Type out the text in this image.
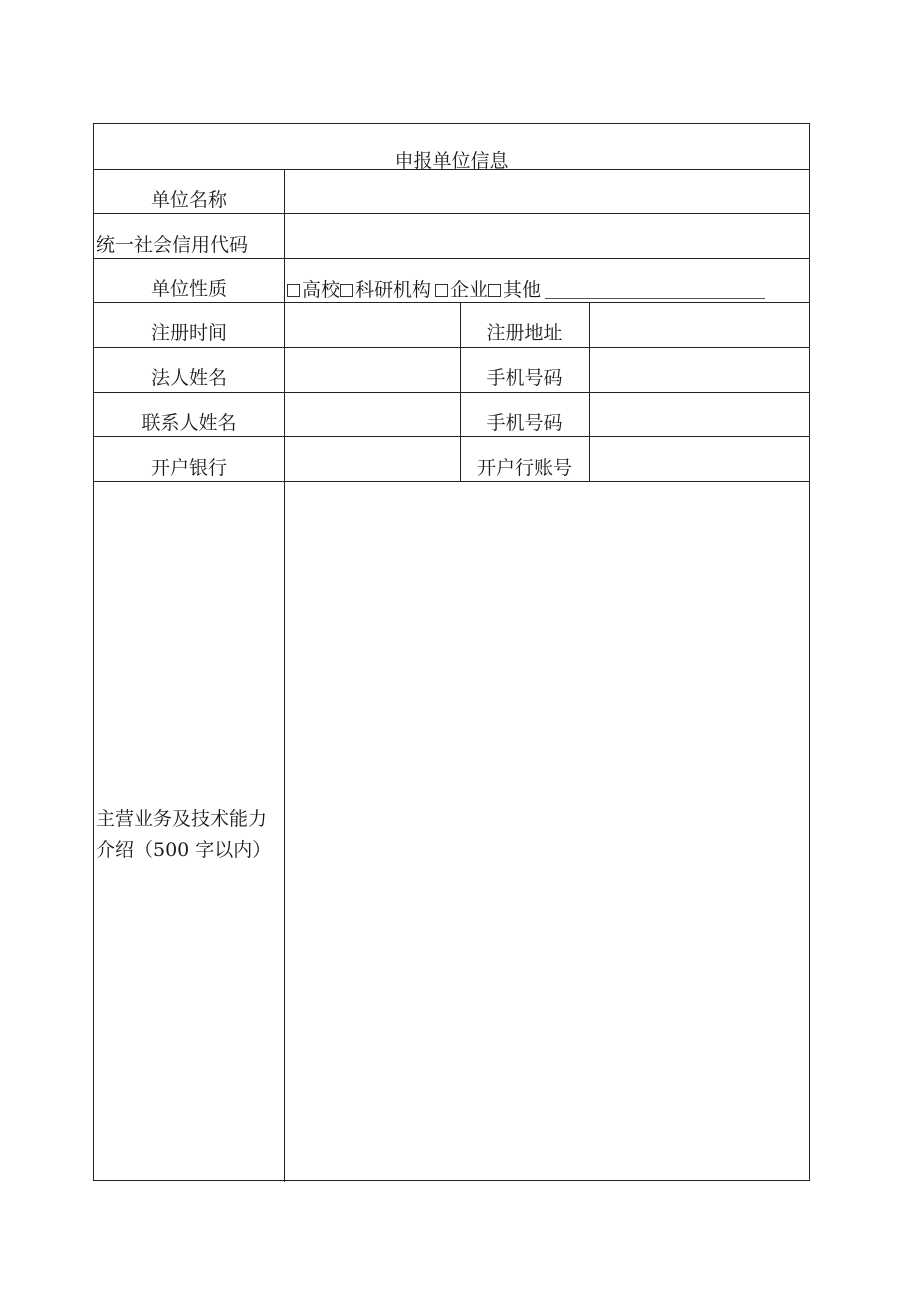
申报单位信息
单位名称
统一社会信用代码
单位性质	高校 科研机构 企业 其他
注册时间	注册地址
法人姓名	手机号码
联系人姓名	手机号码
开户银行	开户行账号
主营业务及技术能力介绍（500 字以内）
